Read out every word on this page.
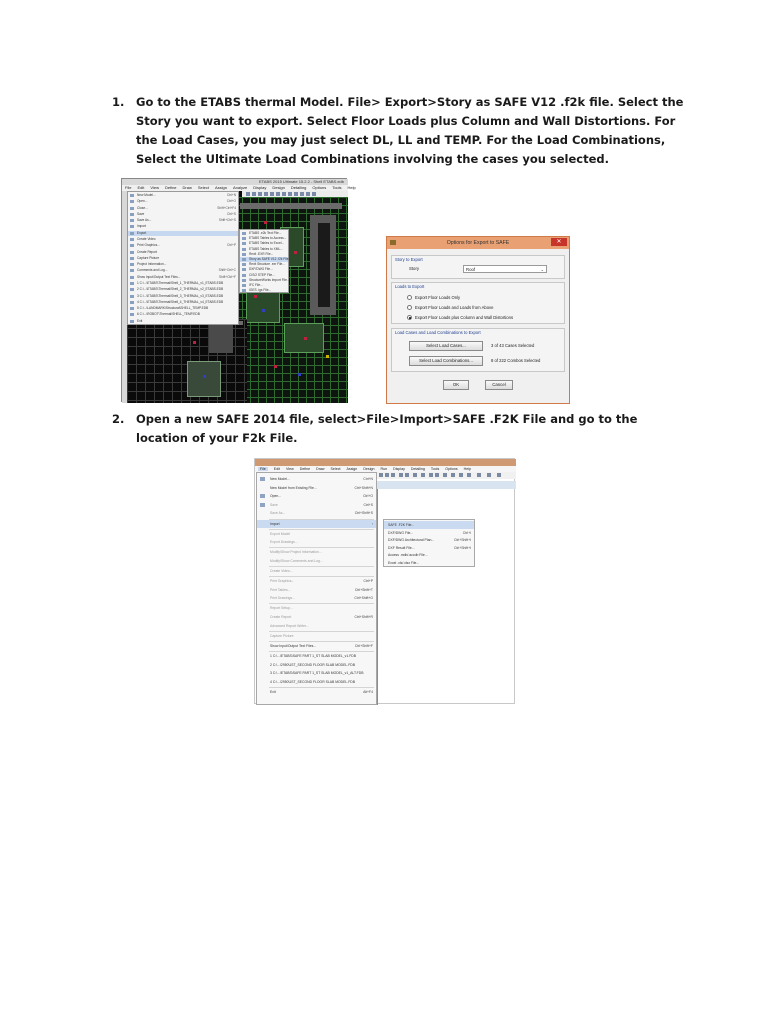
1. Go to the ETABS thermal Model. File> Export>Story as SAFE V12 .f2k file. Select the Story you want to export. Select Floor Loads plus Column and Wall Distortions. For the Load Cases, you may just select DL, LL and TEMP. For the Load Combinations, Select the Ultimate Load Combinations involving the cases you selected.
ETABS 2015 Ultimate 15.2.2 - Shell ETABS.edb
File Edit View Define Draw Select Assign Analyze Display Design Detailing Options Tools Help
New Model...	Ctrl+N
Open...	Ctrl+O
Close...	Shift+Ctrl+F4
Save	Ctrl+S
Save As...	Shift+Ctrl+S
Import
Export
Create Video
Print Graphics...	Ctrl+P
Create Report
Capture Picture
Project Information...
Comments and Log...	Shift+Ctrl+C
Show Input/Output Text Files...	Shift+Ctrl+F
1 C:\...\ETABS\Thermal\Shell_1_THERMAL_v1_ETABS.EDB
2 C:\...\ETABS\Thermal\Shell_2_THERMAL_v2_ETABS.EDB
3 C:\...\ETABS\Thermal\Shell_3_THERMAL_v3_ETABS.EDB
4 C:\...\ETABS\Thermal\Shell_4_THERMAL_v4_ETABS.EDB
5 C:\...\LANDMARK\Structural\SHELL_TEMP.EDB
6 C:\...\ROBOT\Thermal\SHELL_TEMP.EDB
Exit
ETABS .e2k Text File...
ETABS Tables to Access...
ETABS Tables to Excel...
ETABS Tables to XML...
Revit .EXR File...
Story as SAFE V12 .f2k File...
Revit Structure .exr File...
DXF/DWG File...
CIS/2 STEP File...
StructureWorks Import File...
IFC File...
IGES .igs File...
Options for Export to SAFE	✕
Story to Export
Story	Roof	⌄
Loads to Export
Export Floor Loads Only
Export Floor Loads and Loads from Above
Export Floor Loads plus Column and Wall Distortions
Load Cases and Load Combinations to Export
Select Load Cases...	3 of 43 Cases Selected
Select Load Combinations...	8 of 222 Combos Selected
OK	Cancel
2. Open a new SAFE 2014 file, select>File>Import>SAFE .F2K File and go to the location of your F2k File.
File Edit View Define Draw Select Assign Design Run Display Detailing Tools Options Help
New Model...	Ctrl+N
New Model from Existing File...	Ctrl+Shift+N
Open...	Ctrl+O
Save	Ctrl+S
Save As...	Ctrl+Shift+S
Import	›
Export Model
Export Drawings...
Modify/Show Project Information...
Modify/Show Comments and Log...
Create Video...
Print Graphics...	Ctrl+P
Print Tables...	Ctrl+Shift+T
Print Drawings...	Ctrl+Shift+G
Report Setup...
Create Report	Ctrl+Shift+R
Advanced Report Writer...
Capture Picture
Show Input/Output Text Files...	Ctrl+Shift+F
1 C:\...\ETABS\SAFE PART 1_ST SLAB MODEL_v1.FDB
2 C:\...\2950\1ST_SECOND FLOOR SLAB MODEL.FDB
3 C:\...\ETABS\SAFE PART 1_ST SLAB MODEL_v1_ALT.FDB
4 C:\...\2950\1ST_SECOND FLOOR SLAB MODEL.FDB
Exit	Alt+F4
SAFE .F2K File...
DXF/DWG File...	Ctrl+I
DXF/DWG Architectural Plan...	Ctrl+Shift+I
DXF Result File...	Ctrl+Shift+I
Access .mdb/.accdb File...
Excel .xls/.xlsx File...
